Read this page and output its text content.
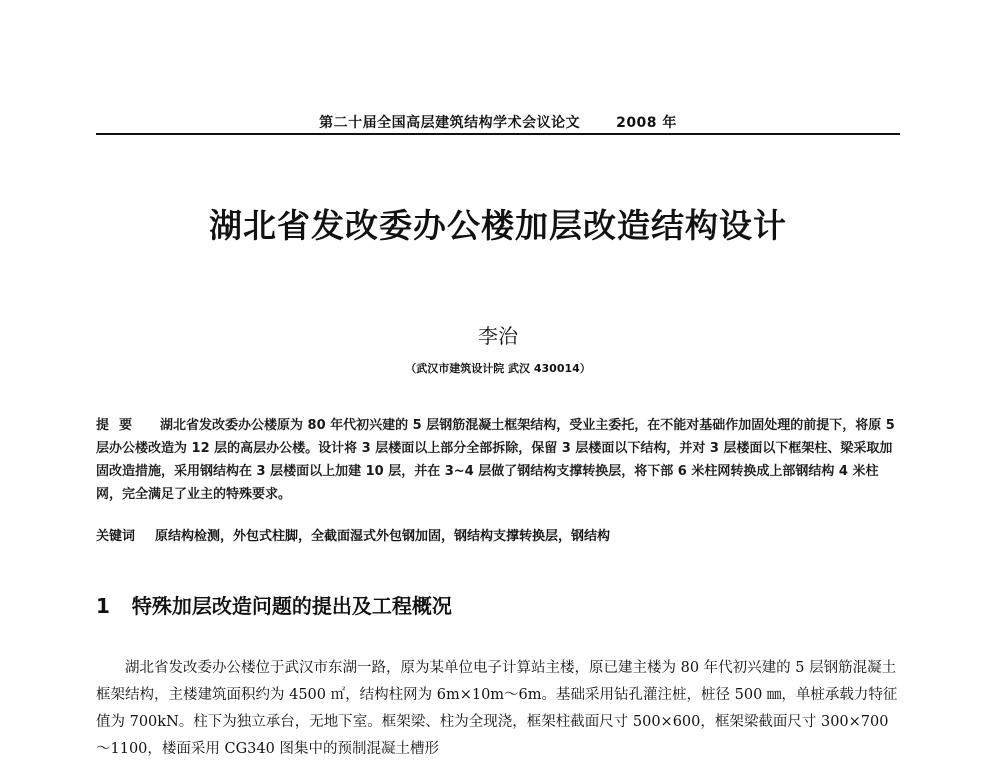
第二十届全国高层建筑结构学术会议论文	2008 年
湖北省发改委办公楼加层改造结构设计
李治
（武汉市建筑设计院 武汉 430014）
提要 湖北省发改委办公楼原为 80 年代初兴建的 5 层钢筋混凝土框架结构，受业主委托，在不能对基础作加固处理的前提下，将原 5 层办公楼改造为 12 层的高层办公楼。设计将 3 层楼面以上部分全部拆除，保留 3 层楼面以下结构，并对 3 层楼面以下框架柱、梁采取加固改造措施，采用钢结构在 3 层楼面以上加建 10 层，并在 3~4 层做了钢结构支撑转换层，将下部 6 米柱网转换成上部钢结构 4 米柱网，完全满足了业主的特殊要求。
关键词 原结构检测，外包式柱脚，全截面湿式外包钢加固，钢结构支撑转换层，钢结构
1 特殊加层改造问题的提出及工程概况
湖北省发改委办公楼位于武汉市东湖一路，原为某单位电子计算站主楼，原已建主楼为 80 年代初兴建的 5 层钢筋混凝土框架结构，主楼建筑面积约为 4500 ㎡，结构柱网为 6m×10m～6m。基础采用钻孔灌注桩，桩径 500 ㎜，单桩承载力特征值为 700kN。柱下为独立承台，无地下室。框架梁、柱为全现浇，框架柱截面尺寸 500×600，框架梁截面尺寸 300×700～1100，楼面采用 CG340 图集中的预制混凝土槽形
